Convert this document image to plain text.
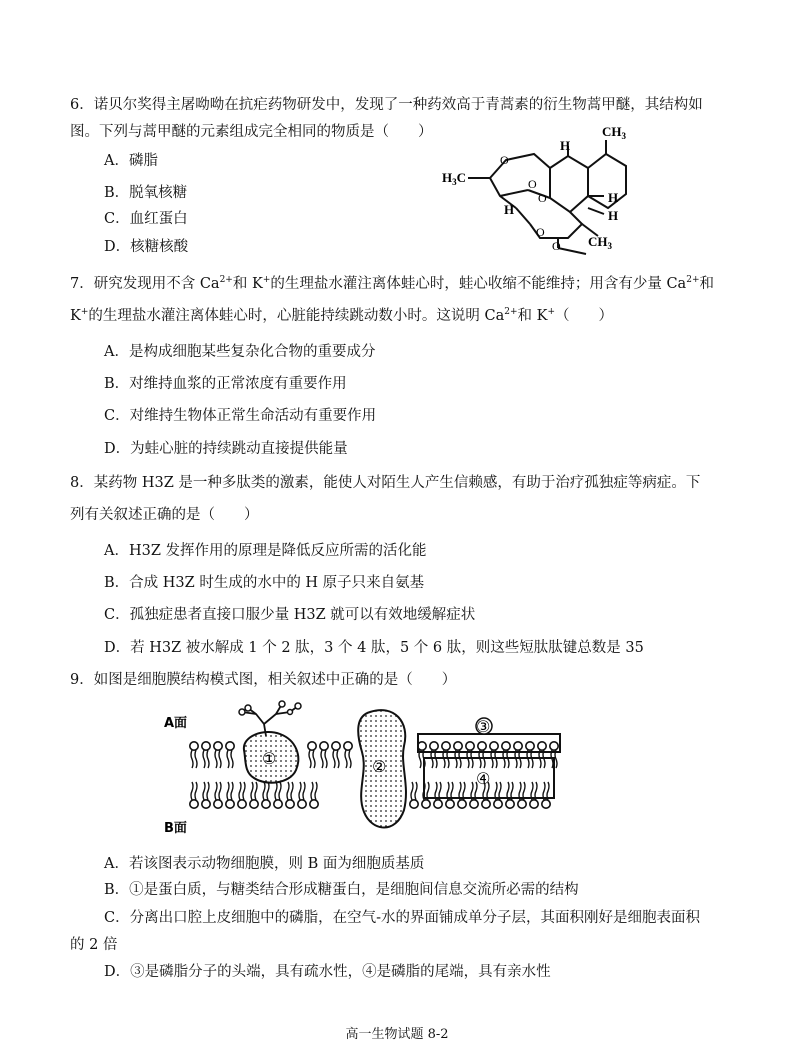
6．诺贝尔奖得主屠呦呦在抗疟药物研发中，发现了一种药效高于青蒿素的衍生物蒿甲醚，其结构如
图。下列与蒿甲醚的元素组成完全相同的物质是（　　）
A．磷脂
B．脱氧核糖
C．血红蛋白
D．核糖核酸
$CH_3$
$H_3C$
H
H
H
H
O
O
O
O
O $CH_3$
7．研究发现用不含 $Ca^{2+}$和 K+的生理盐水灌注离体蛙心时，蛙心收缩不能维持；用含有少量 $Ca^{2+}$和
K+的生理盐水灌注离体蛙心时，心脏能持续跳动数小时。这说明 $Ca^{2+}$和 K+（　　）
A．是构成细胞某些复杂化合物的重要成分
B．对维持血浆的正常浓度有重要作用
C．对维持生物体正常生命活动有重要作用
D．为蛙心脏的持续跳动直接提供能量
8．某药物 H3Z 是一种多肽类的激素，能使人对陌生人产生信赖感，有助于治疗孤独症等病症。下
列有关叙述正确的是（　　）
A．H3Z 发挥作用的原理是降低反应所需的活化能
B．合成 H3Z 时生成的水中的 H 原子只来自氨基
C．孤独症患者直接口服少量 H3Z 就可以有效地缓解症状
D．若 H3Z 被水解成 1 个 2 肽，3 个 4 肽，5 个 6 肽，则这些短肽肽键总数是 35
9．如图是细胞膜结构模式图，相关叙述中正确的是（　　）
A面
B面
①	②
③
④
A．若该图表示动物细胞膜，则 B 面为细胞质基质
B．①是蛋白质，与糖类结合形成糖蛋白，是细胞间信息交流所必需的结构
C．分离出口腔上皮细胞中的磷脂，在空气-水的界面铺成单分子层，其面积刚好是细胞表面积
的 2 倍
D．③是磷脂分子的头端，具有疏水性，④是磷脂的尾端，具有亲水性
高一生物试题 8-2
